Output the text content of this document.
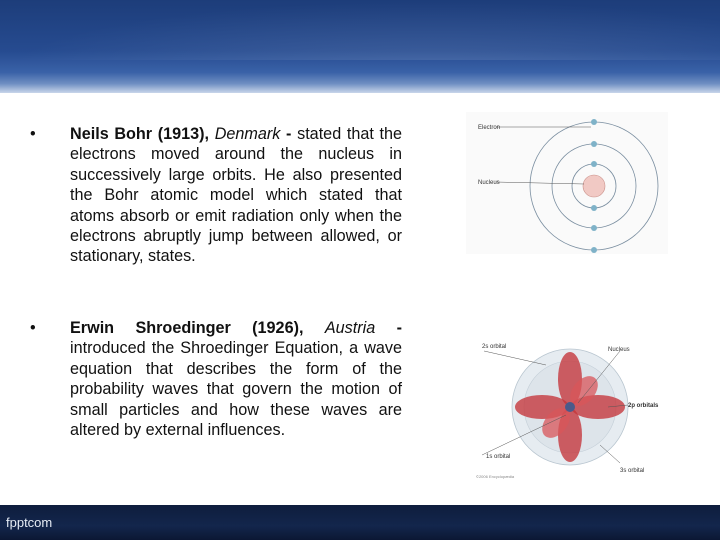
• Neils Bohr (1913), Denmark - stated that the electrons moved around the nucleus in successively large orbits. He also presented the Bohr atomic model which stated that atoms absorb or emit radiation only when the electrons abruptly jump between allowed, or stationary, states.
• Erwin Shroedinger (1926), Austria - introduced the Shroedinger Equation, a wave equation that describes the form of the probability waves that govern the motion of small particles and how these waves are altered by external influences.
Electron
Nucleus
2s orbital	Nucleus
2p orbitals
1s orbital
3s orbital
©2006 Encyclopædia
fpptcom
